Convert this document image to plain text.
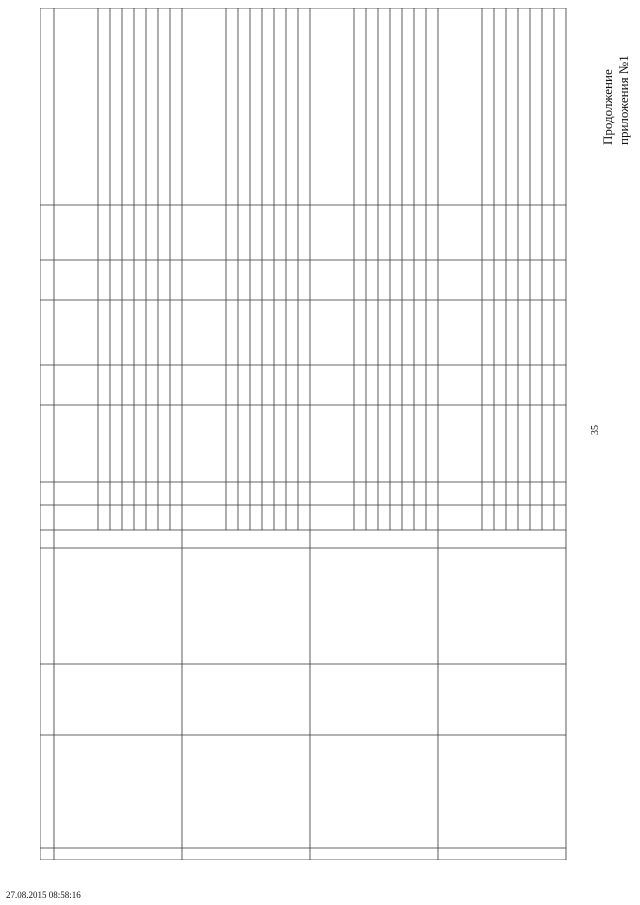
Продолжение приложения №1
35
27.08.2015 08:58:16
